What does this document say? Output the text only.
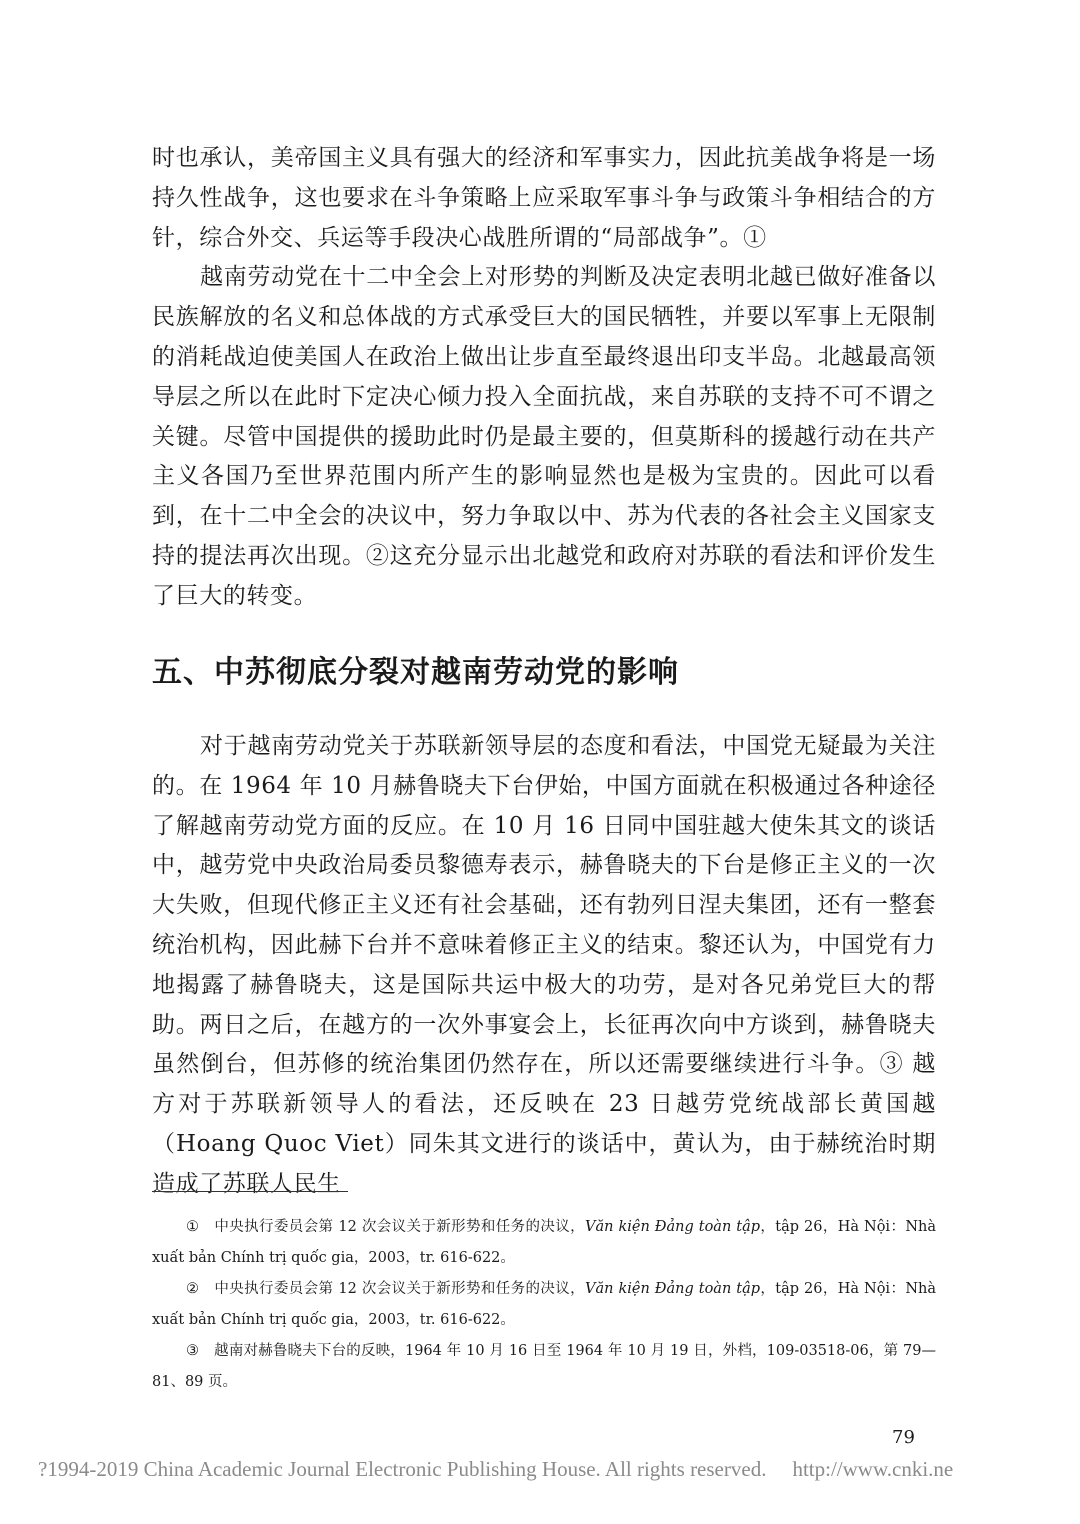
时也承认，美帝国主义具有强大的经济和军事实力，因此抗美战争将是一场持久性战争，这也要求在斗争策略上应采取军事斗争与政策斗争相结合的方针，综合外交、兵运等手段决心战胜所谓的“局部战争”。①

越南劳动党在十二中全会上对形势的判断及决定表明北越已做好准备以民族解放的名义和总体战的方式承受巨大的国民牺牲，并要以军事上无限制的消耗战迫使美国人在政治上做出让步直至最终退出印支半岛。北越最高领导层之所以在此时下定决心倾力投入全面抗战，来自苏联的支持不可不谓之关键。尽管中国提供的援助此时仍是最主要的，但莫斯科的援越行动在共产主义各国乃至世界范围内所产生的影响显然也是极为宝贵的。因此可以看到，在十二中全会的决议中，努力争取以中、苏为代表的各社会主义国家支持的提法再次出现。②这充分显示出北越党和政府对苏联的看法和评价发生了巨大的转变。

五、中苏彻底分裂对越南劳动党的影响

对于越南劳动党关于苏联新领导层的态度和看法，中国党无疑最为关注的。在 1964 年 10 月赫鲁晓夫下台伊始，中国方面就在积极通过各种途径了解越南劳动党方面的反应。在 10 月 16 日同中国驻越大使朱其文的谈话中，越劳党中央政治局委员黎德寿表示，赫鲁晓夫的下台是修正主义的一次大失败，但现代修正主义还有社会基础，还有勃列日涅夫集团，还有一整套统治机构，因此赫下台并不意味着修正主义的结束。黎还认为，中国党有力地揭露了赫鲁晓夫，这是国际共运中极大的功劳，是对各兄弟党巨大的帮助。两日之后，在越方的一次外事宴会上，长征再次向中方谈到，赫鲁晓夫虽然倒台，但苏修的统治集团仍然存在，所以还需要继续进行斗争。③ 越方对于苏联新领导人的看法，还反映在 23 日越劳党统战部长黄国越（Hoang Quoc Viet）同朱其文进行的谈话中，黄认为，由于赫统治时期造成了苏联人民生

① 中央执行委员会第 12 次会议关于新形势和任务的决议，Văn kiện Đảng toàn tập，tập 26，Hà Nội：Nhà xuất bản Chính trị quốc gia，2003，tr. 616-622。

② 中央执行委员会第 12 次会议关于新形势和任务的决议，Văn kiện Đảng toàn tập，tập 26，Hà Nội：Nhà xuất bản Chính trị quốc gia，2003，tr. 616-622。

③ 越南对赫鲁晓夫下台的反映，1964 年 10 月 16 日至 1964 年 10 月 19 日，外档，109-03518-06，第 79—81、89 页。

79
?1994-2019 China Academic Journal Electronic Publishing House. All rights reserved. http://www.cnki.ne
